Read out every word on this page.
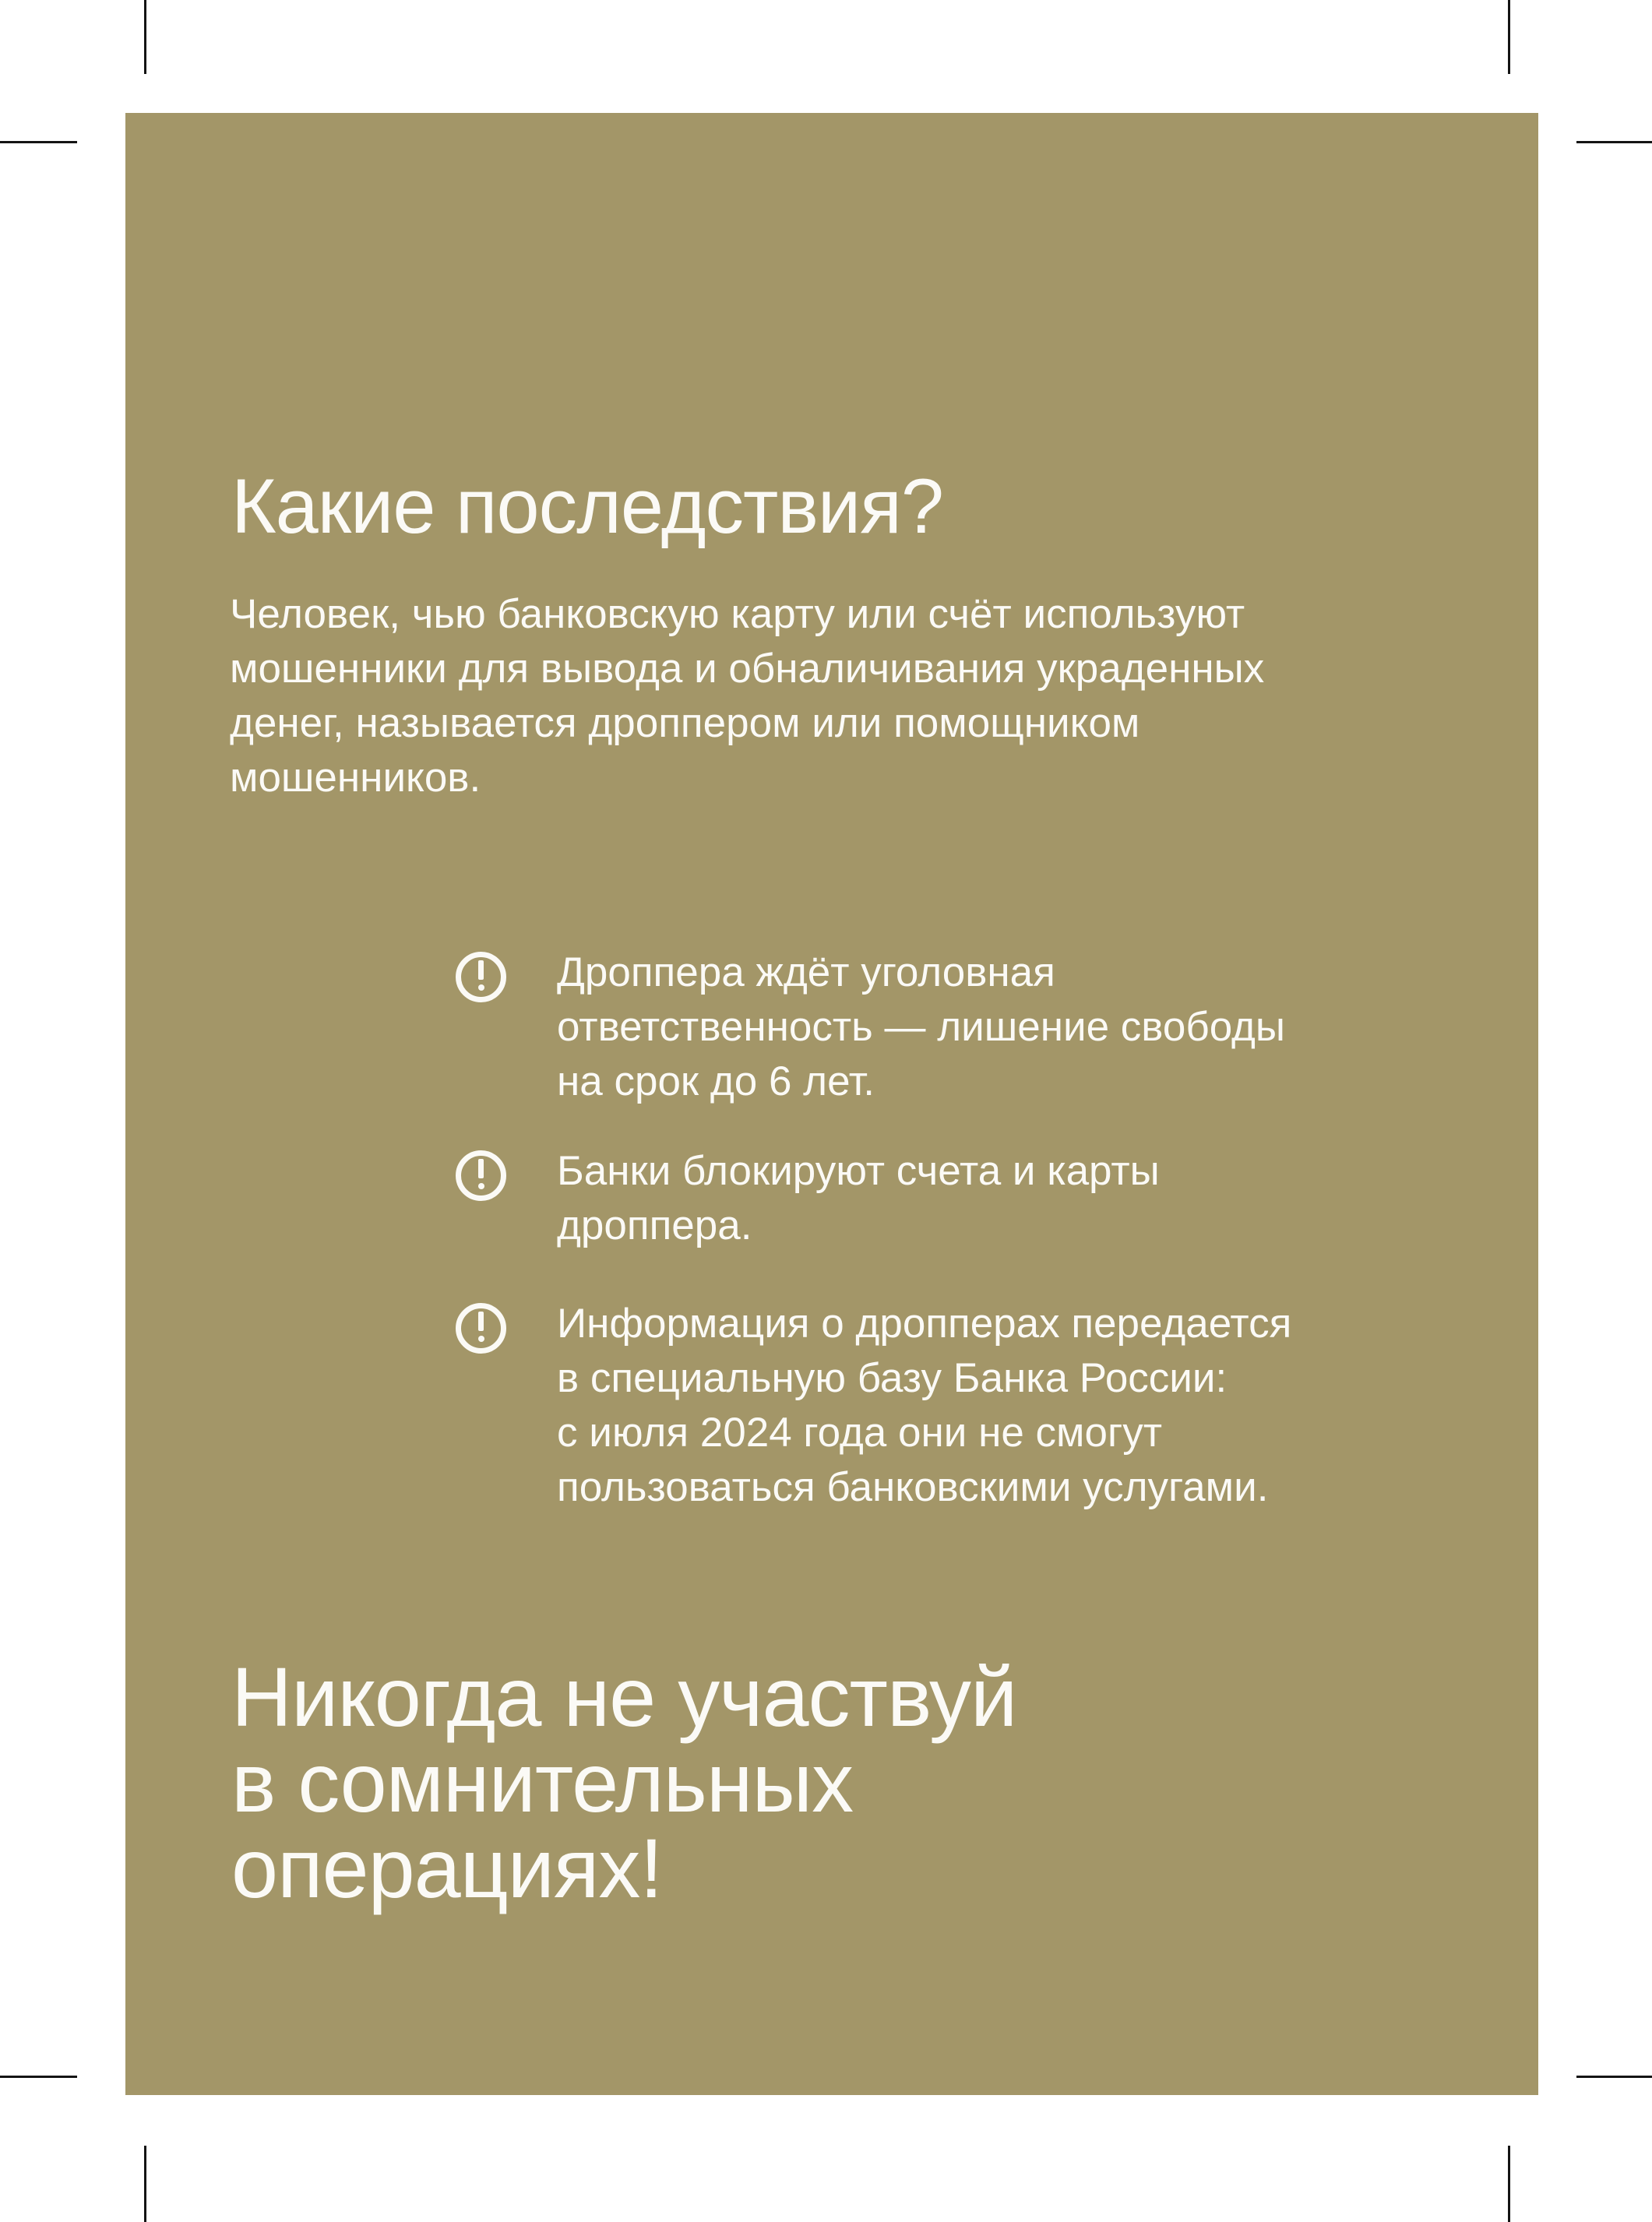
Какие последствия?
Человек, чью банковскую карту или счёт используют
мошенники для вывода и обналичивания украденных
денег, называется дроппером или помощником
мошенников.
Дроппера ждёт уголовная
ответственность — лишение свободы
на срок до 6 лет.
Банки блокируют счета и карты
дроппера.
Информация о дропперах передается
в специальную базу Банка России:
с июля 2024 года они не смогут
пользоваться банковскими услугами.
Никогда не участвуй
в сомнительных
операциях!
